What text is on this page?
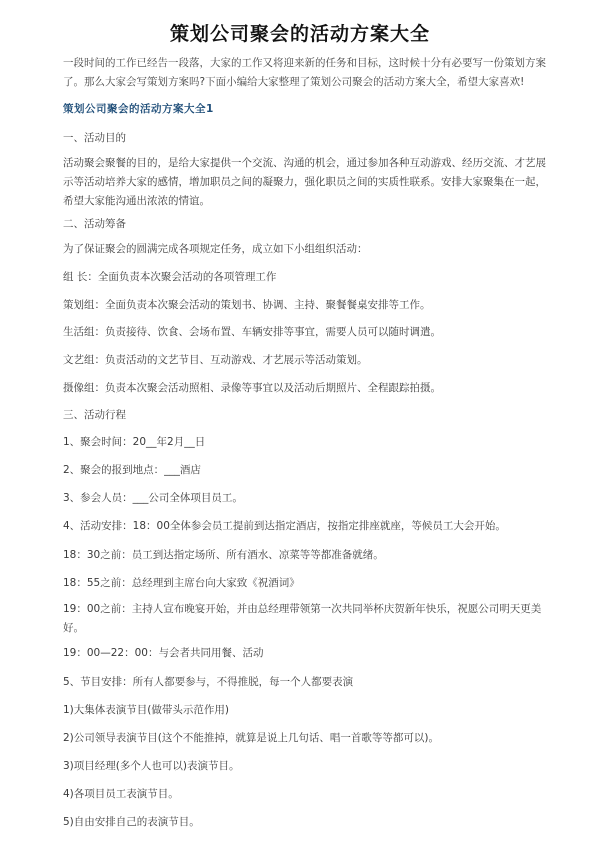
策划公司聚会的活动方案大全
一段时间的工作已经告一段落，大家的工作又将迎来新的任务和目标，这时候十分有必要写一份策划方案了。那么大家会写策划方案吗?下面小编给大家整理了策划公司聚会的活动方案大全，希望大家喜欢!
策划公司聚会的活动方案大全1
一、活动目的
活动聚会聚餐的目的，是给大家提供一个交流、沟通的机会，通过参加各种互动游戏、经历交流、才艺展示等活动培养大家的感情，增加职员之间的凝聚力，强化职员之间的实质性联系。安排大家聚集在一起，希望大家能沟通出浓浓的情谊。
二、活动筹备
为了保证聚会的圆满完成各项规定任务，成立如下小组组织活动：
组 长：全面负责本次聚会活动的各项管理工作
策划组：全面负责本次聚会活动的策划书、协调、主持、聚餐餐桌安排等工作。
生活组：负责接待、饮食、会场布置、车辆安排等事宜，需要人员可以随时调遣。
文艺组：负责活动的文艺节目、互动游戏、才艺展示等活动策划。
摄像组：负责本次聚会活动照相、录像等事宜以及活动后期照片、全程跟踪拍摄。
三、活动行程
1、聚会时间：20__年2月__日
2、聚会的报到地点：___酒店
3、参会人员：___公司全体项目员工。
4、活动安排：18：00全体参会员工提前到达指定酒店，按指定排座就座，等候员工大会开始。
18：30之前：员工到达指定场所、所有酒水、凉菜等等都准备就绪。
18：55之前：总经理到主席台向大家致《祝酒词》
19：00之前：主持人宣布晚宴开始，并由总经理带领第一次共同举杯庆贺新年快乐，祝愿公司明天更美好。
19：00—22：00：与会者共同用餐、活动
5、节目安排：所有人都要参与，不得推脱，每一个人都要表演
1)大集体表演节目(做带头示范作用)
2)公司领导表演节目(这个不能推掉，就算是说上几句话、唱一首歌等等都可以)。
3)项目经理(多个人也可以)表演节目。
4)各项目员工表演节目。
5)自由安排自己的表演节目。
